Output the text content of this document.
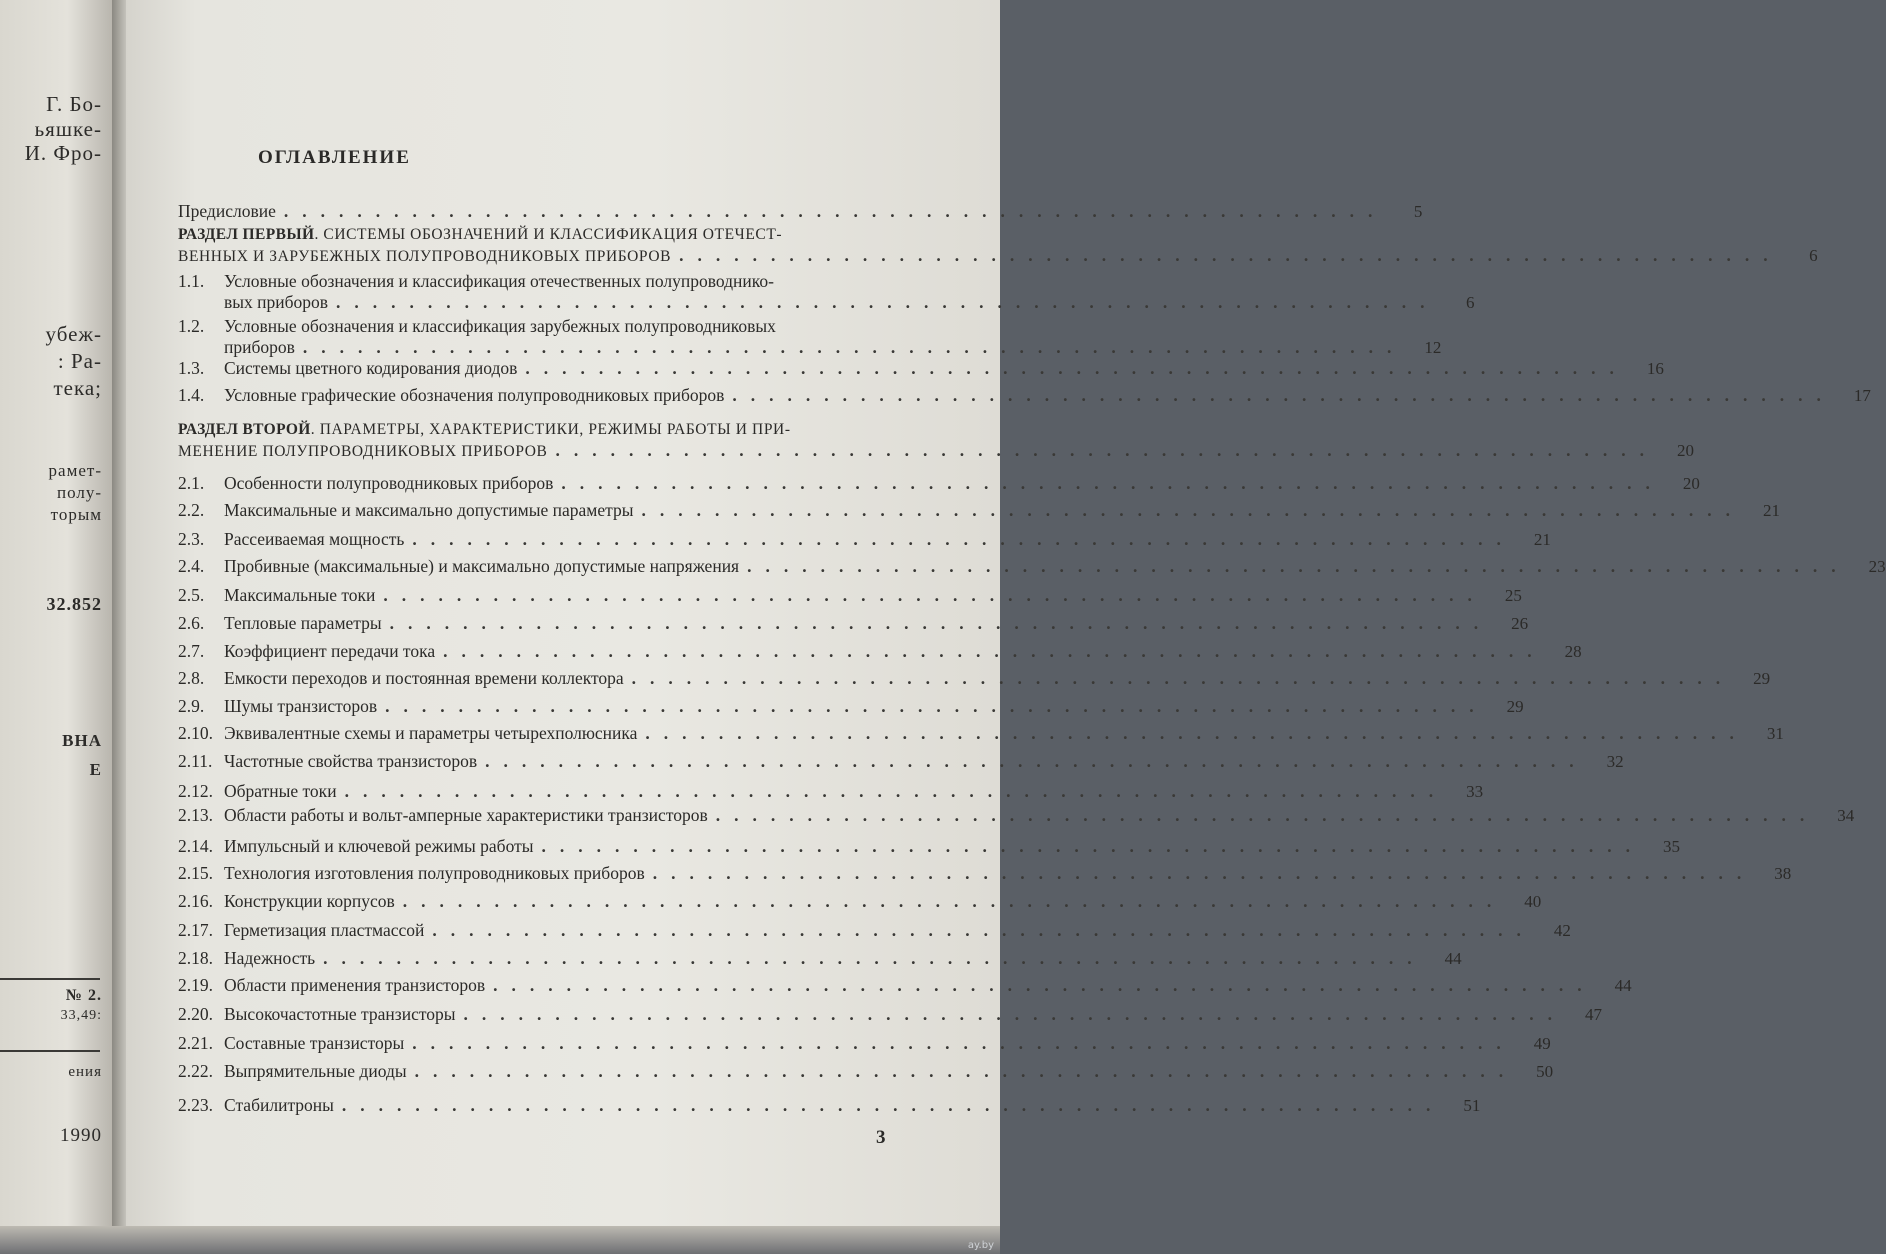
Г. Бо-
ьяшке-
И. Фро-
убеж-
: Ра-
тека;
рамет-
полу-
торым
32.852
ВНА
Е
№ 2.
33,49:
ения
1990
ОГЛАВЛЕНИЕ
Предисловие ............................................................	5
РАЗДЕЛ ПЕРВЫЙ. СИСТЕМЫ ОБОЗНАЧЕНИЙ И КЛАССИФИКАЦИЯ ОТЕЧЕСТ-
ВЕННЫХ И ЗАРУБЕЖНЫХ ПОЛУПРОВОДНИКОВЫХ ПРИБОРОВ ............................................................	6
1.1.	Условные обозначения и классификация отечественных полупроводнико-
вых приборов ............................................................	6
1.2.	Условные обозначения и классификация зарубежных полупроводниковых
приборов ............................................................	12
1.3.	Системы цветного кодирования диодов ............................................................	16
1.4.	Условные графические обозначения полупроводниковых приборов ............................................................	17
РАЗДЕЛ ВТОРОЙ. ПАРАМЕТРЫ, ХАРАКТЕРИСТИКИ, РЕЖИМЫ РАБОТЫ И ПРИ-
МЕНЕНИЕ ПОЛУПРОВОДНИКОВЫХ ПРИБОРОВ ............................................................	20
2.1.	Особенности полупроводниковых приборов ............................................................	20
2.2.	Максимальные и максимально допустимые параметры ............................................................	21
2.3.	Рассеиваемая мощность ............................................................	21
2.4.	Пробивные (максимальные) и максимально допустимые напряжения ............................................................	23
2.5.	Максимальные токи ............................................................	25
2.6.	Тепловые параметры ............................................................	26
2.7.	Коэффициент передачи тока ............................................................	28
2.8.	Емкости переходов и постоянная времени коллектора ............................................................	29
2.9.	Шумы транзисторов ............................................................	29
2.10. Эквивалентные схемы и параметры четырехполюсника ............................................................	31
2.11. Частотные свойства транзисторов ............................................................	32
2.12. Обратные токи ............................................................	33
2.13. Области работы и вольт-амперные характеристики транзисторов ............................................................	34
2.14. Импульсный и ключевой режимы работы ............................................................	35
2.15. Технология изготовления полупроводниковых приборов ............................................................	38
2.16. Конструкции корпусов ............................................................	40
2.17. Герметизация пластмассой ............................................................	42
2.18. Надежность ............................................................	44
2.19. Области применения транзисторов ............................................................	44
2.20. Высокочастотные транзисторы ............................................................	47
2.21. Составные транзисторы ............................................................	49
2.22. Выпрямительные диоды ............................................................	50
2.23. Стабилитроны ............................................................	51
3
ay.by
